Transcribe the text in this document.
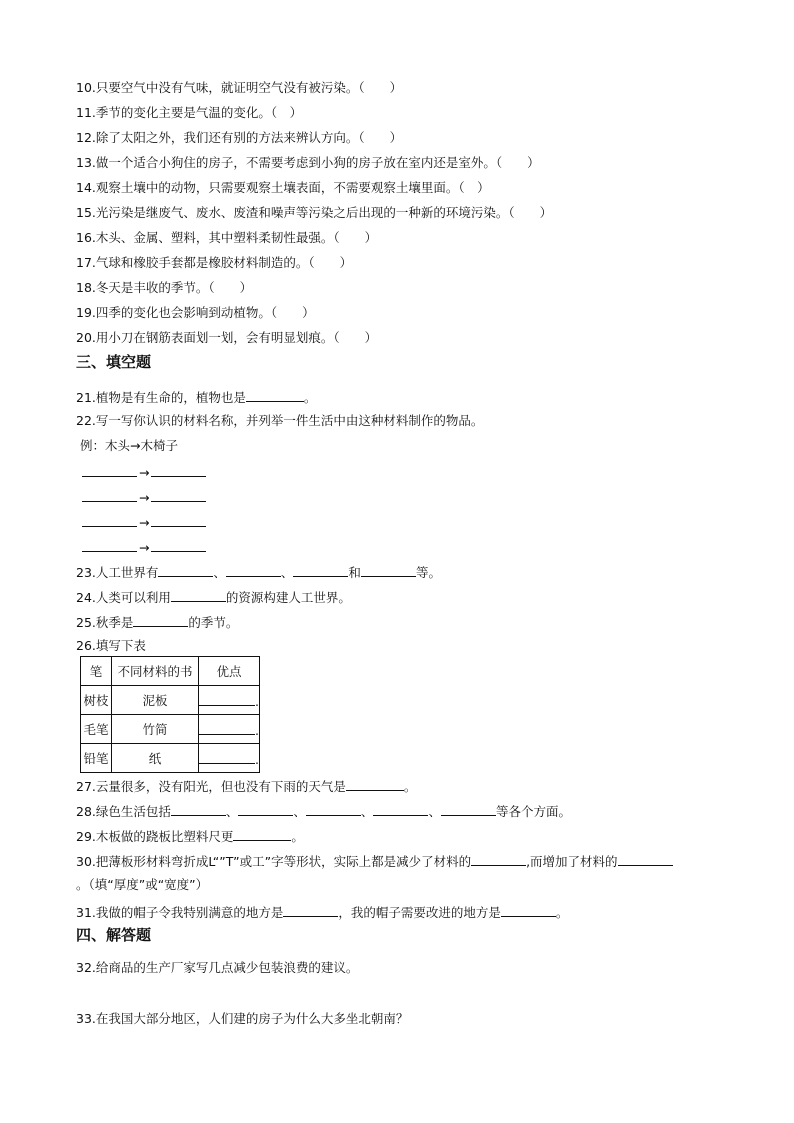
10.只要空气中没有气味，就证明空气没有被污染。（　　）
11.季节的变化主要是气温的变化。（　）
12.除了太阳之外，我们还有别的方法来辨认方向。（　　）
13.做一个适合小狗住的房子，不需要考虑到小狗的房子放在室内还是室外。（　　）
14.观察土壤中的动物，只需要观察土壤表面，不需要观察土壤里面。（　）
15.光污染是继废气、废水、废渣和噪声等污染之后出现的一种新的环境污染。（　　）
16.木头、金属、塑料，其中塑料柔韧性最强。（　　）
17.气球和橡胶手套都是橡胶材料制造的。（　　）
18.冬天是丰收的季节。（　　）
19.四季的变化也会影响到动植物。（　　）
20.用小刀在钢筋表面划一划，会有明显划痕。（　　）
三、填空题
21.植物是有生命的，植物也是	。
22.写一写你认识的材料名称，并列举一件生活中由这种材料制作的物品。
例：木头→木椅子
→
→
→
→
23.人工世界有	、	、	和	等。
24.人类可以利用	的资源构建人工世界。
25.秋季是	的季节。
26.填写下表
笔	不同材料的书	优点
树枝	泥板	.
毛笔	竹简	.
铅笔	纸	.
27.云量很多，没有阳光，但也没有下雨的天气是	。
28.绿色生活包括	、	、	、	、	等各个方面。
29.木板做的跷板比塑料尺更	。
30.把薄板形材料弯折成L“”T”或工”字等形状，实际上都是减少了材料的	,而增加了材料的
。（填“厚度”或“宽度”）
31.我做的帽子令我特别满意的地方是	，我的帽子需要改进的地方是	。
四、解答题
32.给商品的生产厂家写几点减少包装浪费的建议。
33.在我国大部分地区，人们建的房子为什么大多坐北朝南？
